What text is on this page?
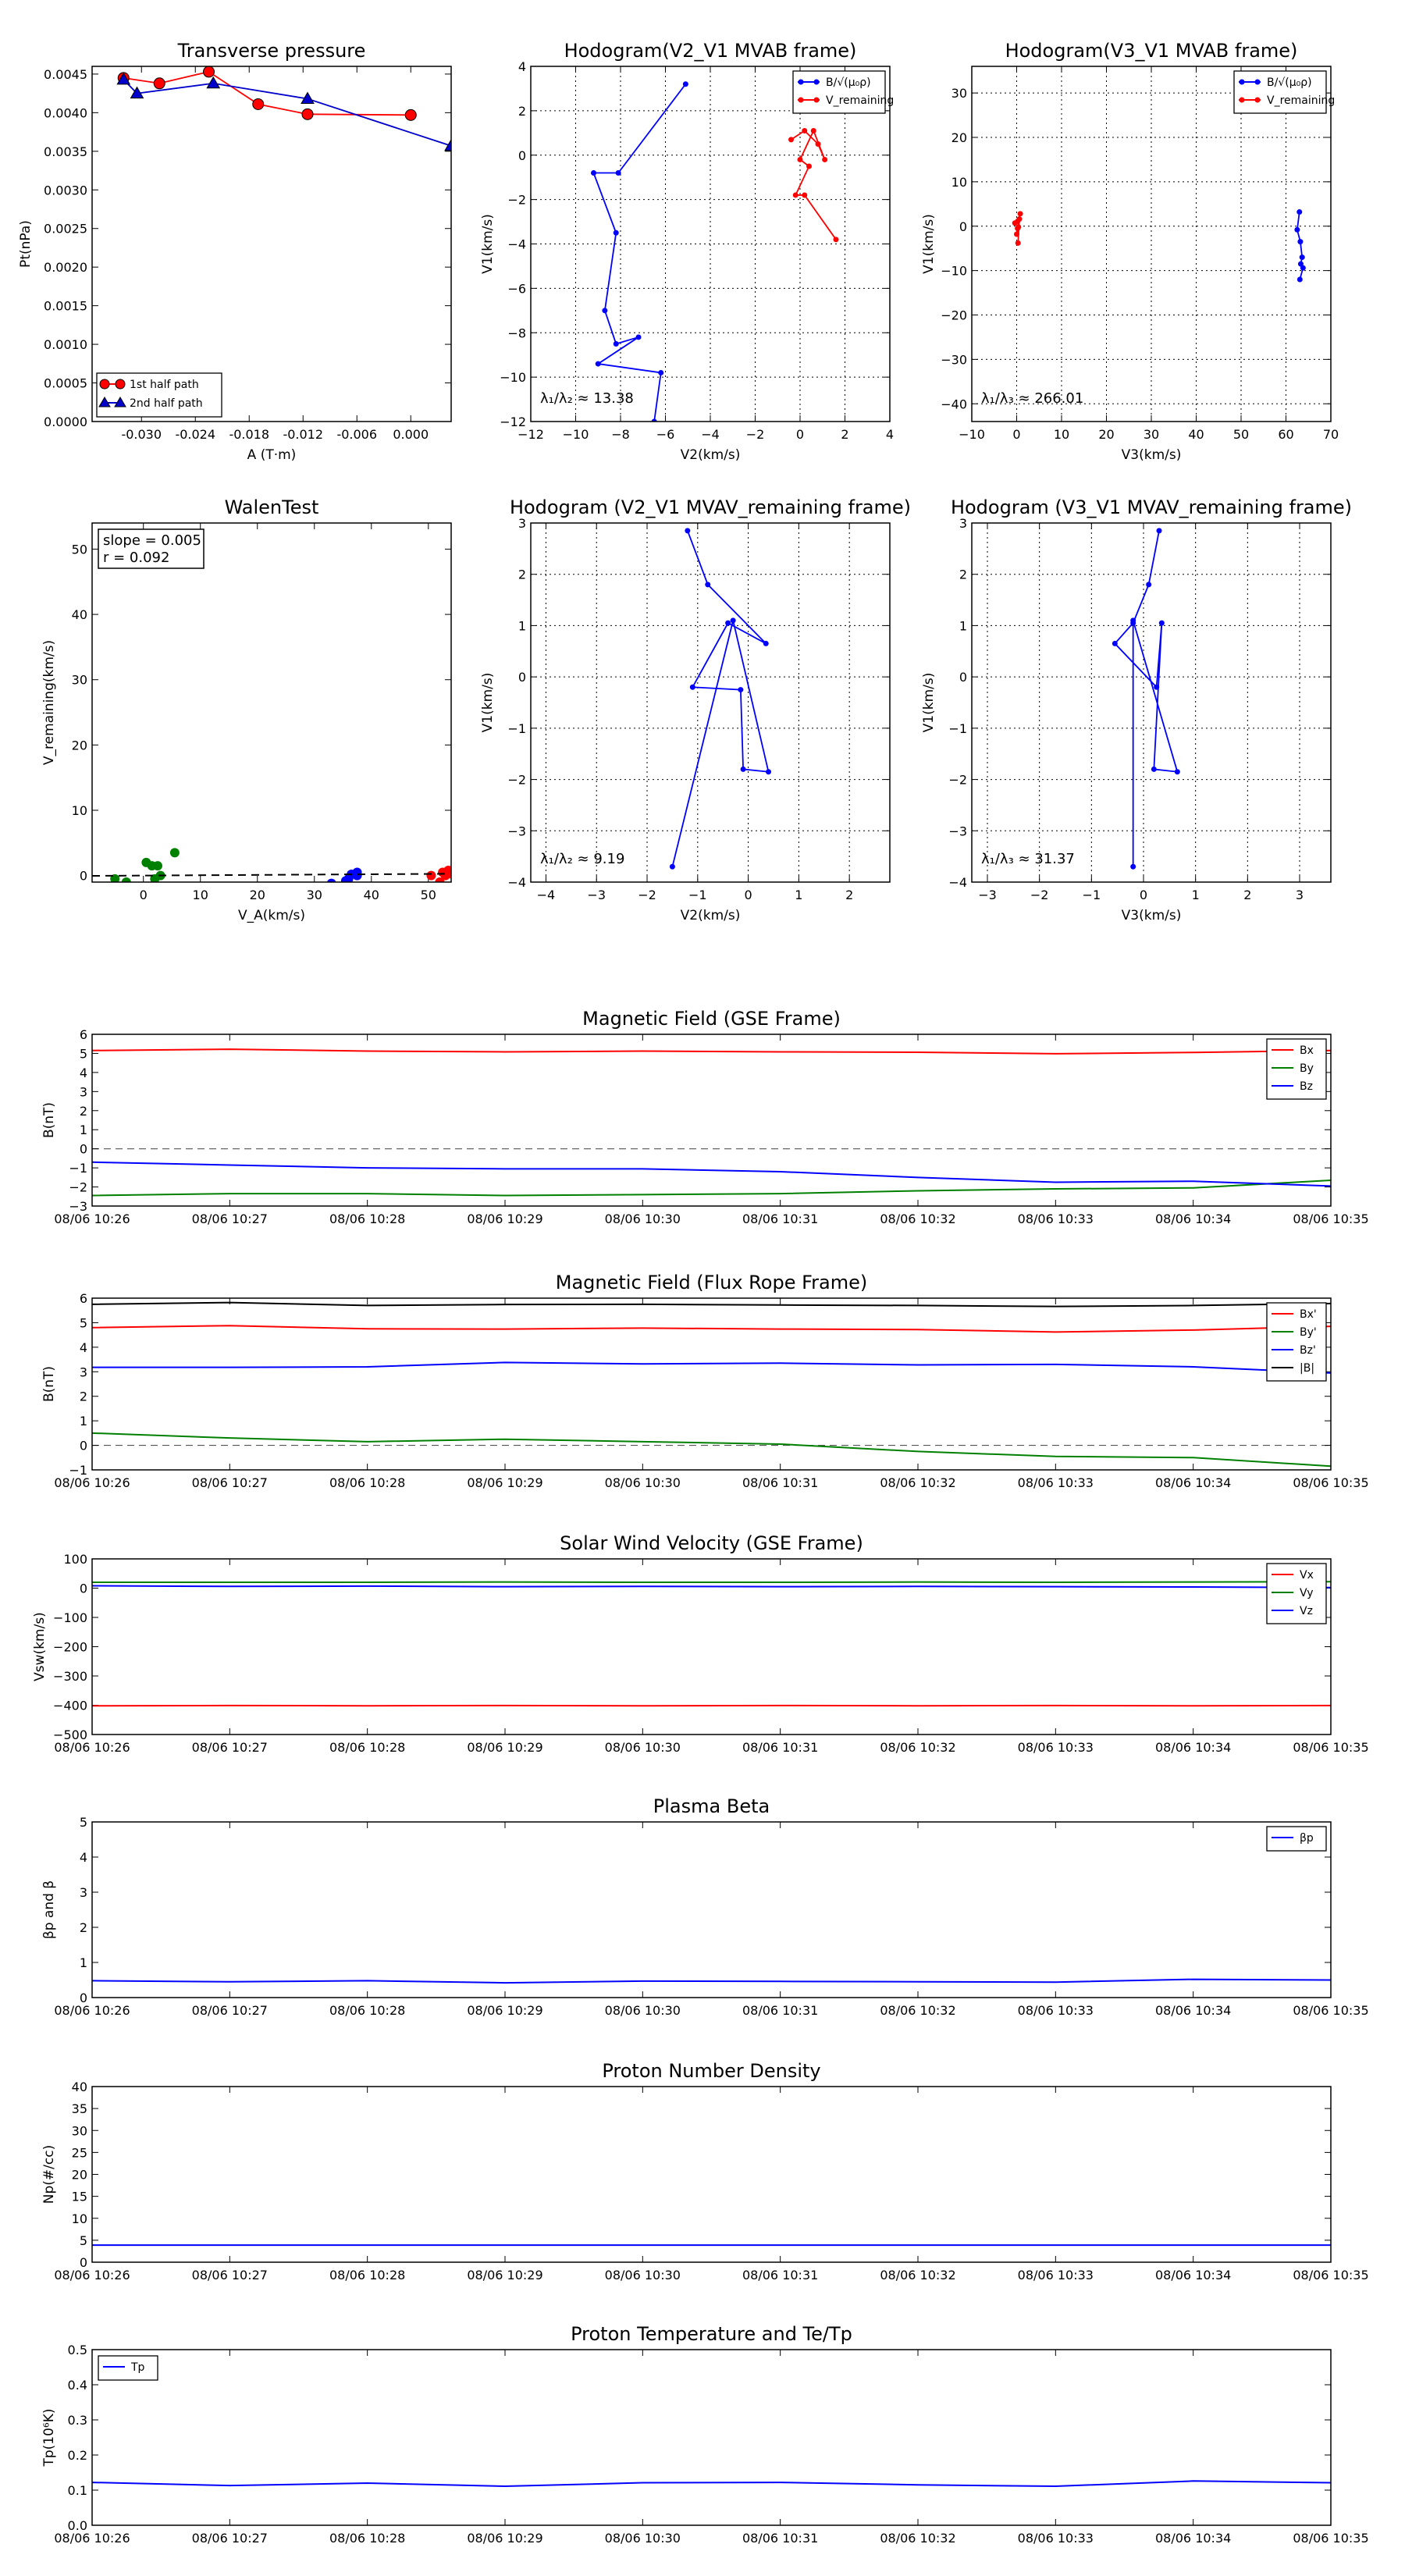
Transverse pressure
-0.030 -0.024 -0.018 -0.012 -0.006 0.000
0.0000
0.0005
0.0010
0.0015
0.0020
0.0025
0.0030
0.0035
0.0040
0.0045
A (T·m)
Pt(nPa)
1st half path
2nd half path
Hodogram(V2_V1 MVAB frame)
−12 −10 −8 −6 −4 −2	0	2	4
−12
−10
−8
−6
−4
−2
0
2
4
V2(km/s)
V1(km/s)
λ₁/λ₂ ≈ 13.38
B/√(μ₀ρ)
V_remaining
Hodogram(V3_V1 MVAB frame)
−10 0	10 20 30 40 50 60 70
−40
−30
−20
−10
0
10
20
30
V3(km/s)
V1(km/s)
λ₁/λ₃ ≈ 266.01
B/√(μ₀ρ)
V_remaining
WalenTest
0	10	20	30	40	50
0
10
20
30
40
50
V_A(km/s)
V_remaining(km/s)
slope = 0.005
r = 0.092
Hodogram (V2_V1 MVAV_remaining frame)
−4	−3	−2	−1	0	1	2
−4
−3
−2
−1
0
1
2
3
V2(km/s)
V1(km/s)
λ₁/λ₂ ≈ 9.19
Hodogram (V3_V1 MVAV_remaining frame)
−3	−2	−1	0	1	2	3
−4
−3
−2
−1
0
1
2
3
V3(km/s)
V1(km/s)
λ₁/λ₃ ≈ 31.37
Magnetic Field (GSE Frame)
08/06 10:26	08/06 10:27	08/06 10:28	08/06 10:29	08/06 10:30	08/06 10:31	08/06 10:32	08/06 10:33	08/06 10:34	08/06 10:35
−3
−2
−1
0
1
2
3
4
5
6
B(nT)
Bx
By
Bz
Magnetic Field (Flux Rope Frame)
08/06 10:26	08/06 10:27	08/06 10:28	08/06 10:29	08/06 10:30	08/06 10:31	08/06 10:32	08/06 10:33	08/06 10:34	08/06 10:35
−1
0
1
2
3
4
5
6
B(nT)
Bx'
By'
Bz'
|B|
Solar Wind Velocity (GSE Frame)
08/06 10:26	08/06 10:27	08/06 10:28	08/06 10:29	08/06 10:30	08/06 10:31	08/06 10:32	08/06 10:33	08/06 10:34	08/06 10:35
−500
−400
−300
−200
−100
0
100
Vsw(km/s)
Vx
Vy
Vz
Plasma Beta
08/06 10:26	08/06 10:27	08/06 10:28	08/06 10:29	08/06 10:30	08/06 10:31	08/06 10:32	08/06 10:33	08/06 10:34	08/06 10:35
0
1
2
3
4
5
βp and β
βp
Proton Number Density
08/06 10:26	08/06 10:27	08/06 10:28	08/06 10:29	08/06 10:30	08/06 10:31	08/06 10:32	08/06 10:33	08/06 10:34	08/06 10:35
0
5
10
15
20
25
30
35
40
Np(#/cc)
Proton Temperature and Te/Tp
08/06 10:26	08/06 10:27	08/06 10:28	08/06 10:29	08/06 10:30	08/06 10:31	08/06 10:32	08/06 10:33	08/06 10:34	08/06 10:35
0.0
0.1
0.2
0.3
0.4
0.5
Tp(10⁶K)
Tp
